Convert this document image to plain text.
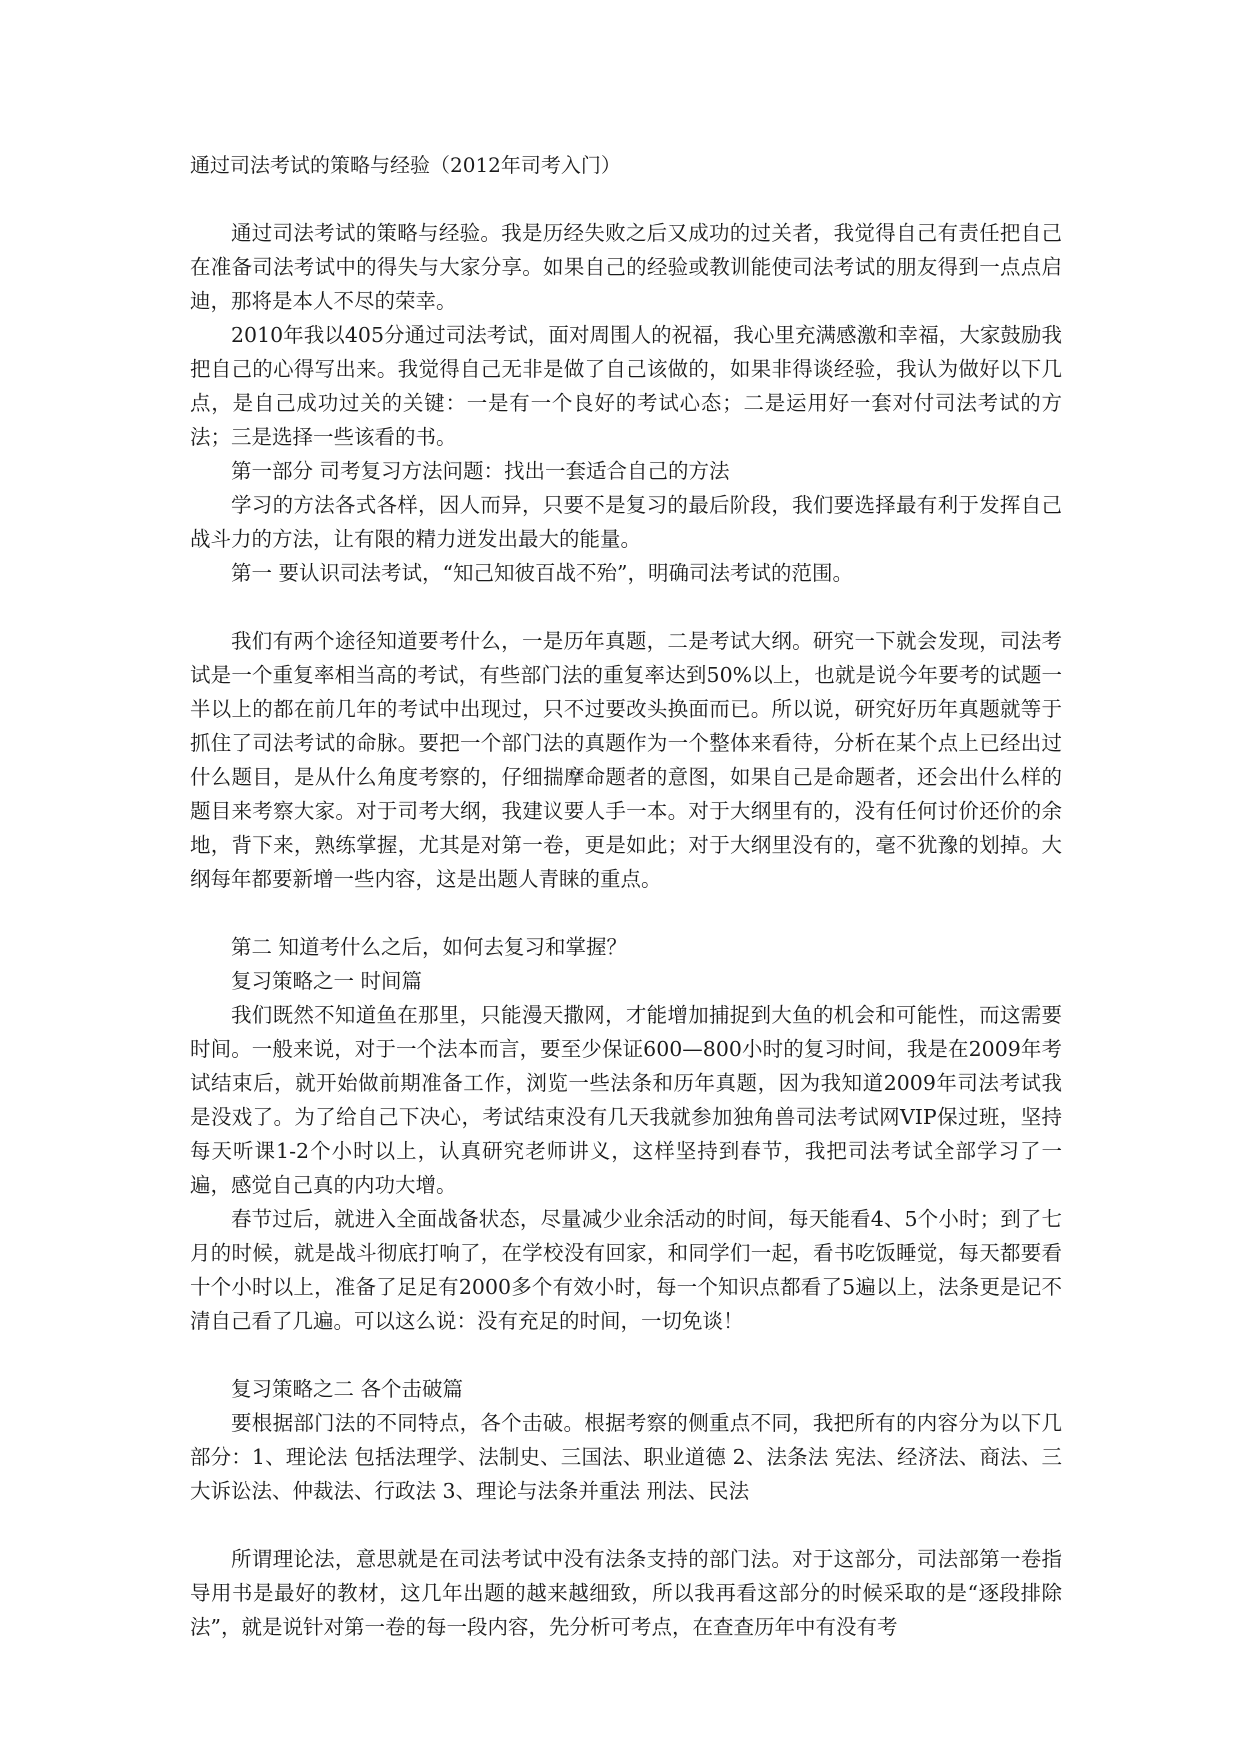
通过司法考试的策略与经验（2012年司考入门）

通过司法考试的策略与经验。我是历经失败之后又成功的过关者，我觉得自己有责任把自己在准备司法考试中的得失与大家分享。如果自己的经验或教训能使司法考试的朋友得到一点点启迪，那将是本人不尽的荣幸。

2010年我以405分通过司法考试，面对周围人的祝福，我心里充满感激和幸福，大家鼓励我把自己的心得写出来。我觉得自己无非是做了自己该做的，如果非得谈经验，我认为做好以下几点，是自己成功过关的关键：一是有一个良好的考试心态；二是运用好一套对付司法考试的方法；三是选择一些该看的书。

第一部分 司考复习方法问题：找出一套适合自己的方法

学习的方法各式各样，因人而异，只要不是复习的最后阶段，我们要选择最有利于发挥自己战斗力的方法，让有限的精力迸发出最大的能量。

第一 要认识司法考试，“知己知彼百战不殆”，明确司法考试的范围。

我们有两个途径知道要考什么，一是历年真题，二是考试大纲。研究一下就会发现，司法考试是一个重复率相当高的考试，有些部门法的重复率达到50%以上，也就是说今年要考的试题一半以上的都在前几年的考试中出现过，只不过要改头换面而已。所以说，研究好历年真题就等于抓住了司法考试的命脉。要把一个部门法的真题作为一个整体来看待，分析在某个点上已经出过什么题目，是从什么角度考察的，仔细揣摩命题者的意图，如果自己是命题者，还会出什么样的题目来考察大家。对于司考大纲，我建议要人手一本。对于大纲里有的，没有任何讨价还价的余地，背下来，熟练掌握，尤其是对第一卷，更是如此；对于大纲里没有的，毫不犹豫的划掉。大纲每年都要新增一些内容，这是出题人青睐的重点。

第二 知道考什么之后，如何去复习和掌握？

复习策略之一 时间篇

我们既然不知道鱼在那里，只能漫天撒网，才能增加捕捉到大鱼的机会和可能性，而这需要时间。一般来说，对于一个法本而言，要至少保证600—800小时的复习时间，我是在2009年考试结束后，就开始做前期准备工作，浏览一些法条和历年真题，因为我知道2009年司法考试我是没戏了。为了给自己下决心，考试结束没有几天我就参加独角兽司法考试网VIP保过班，坚持每天听课1-2个小时以上，认真研究老师讲义，这样坚持到春节，我把司法考试全部学习了一遍，感觉自己真的内功大增。

春节过后，就进入全面战备状态，尽量减少业余活动的时间，每天能看4、5个小时；到了七月的时候，就是战斗彻底打响了，在学校没有回家，和同学们一起，看书吃饭睡觉，每天都要看十个小时以上，准备了足足有2000多个有效小时，每一个知识点都看了5遍以上，法条更是记不清自己看了几遍。可以这么说：没有充足的时间，一切免谈！

复习策略之二 各个击破篇

要根据部门法的不同特点，各个击破。根据考察的侧重点不同，我把所有的内容分为以下几部分：1、理论法 包括法理学、法制史、三国法、职业道德 2、法条法 宪法、经济法、商法、三大诉讼法、仲裁法、行政法 3、理论与法条并重法 刑法、民法

所谓理论法，意思就是在司法考试中没有法条支持的部门法。对于这部分，司法部第一卷指导用书是最好的教材，这几年出题的越来越细致，所以我再看这部分的时候采取的是“逐段排除法”，就是说针对第一卷的每一段内容，先分析可考点，在查查历年中有没有考
